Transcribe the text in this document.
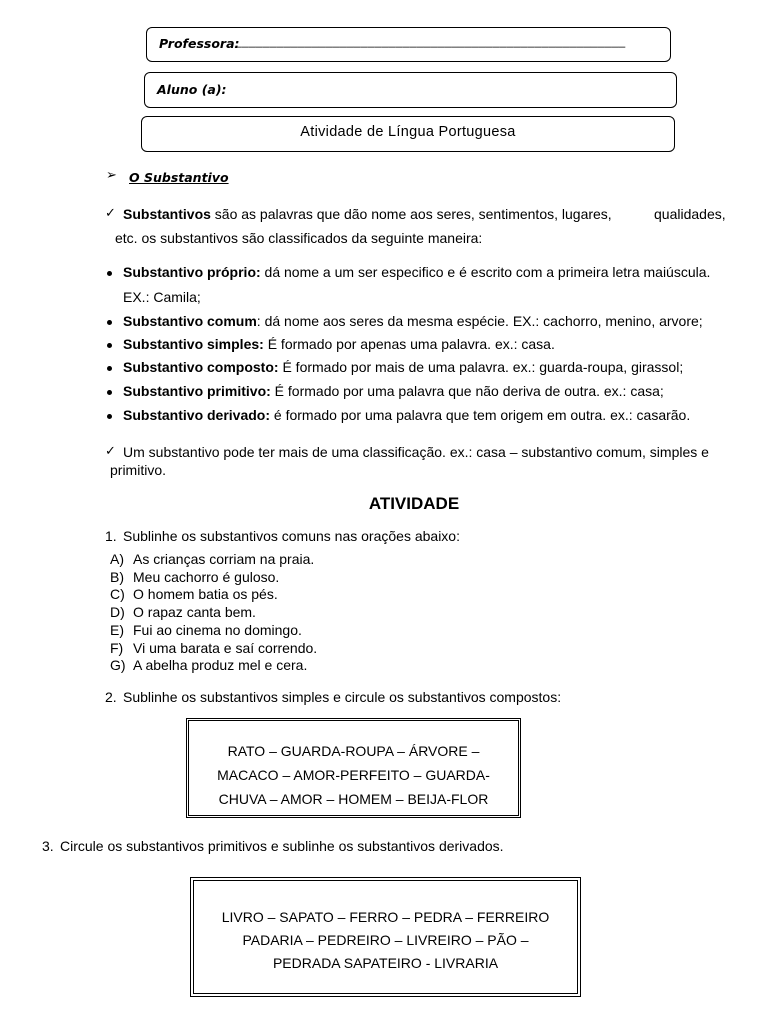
Professora:
________________________________________________________
Aluno (a):
Atividade de Língua Portuguesa
➢ O Substantivo
✓ Substantivos são as palavras que dão nome aos seres, sentimentos, lugares,	qualidades,
etc. os substantivos são classificados da seguinte maneira:
Substantivo próprio: dá nome a um ser especifico e é escrito com a primeira letra maiúscula.
EX.: Camila;
Substantivo comum: dá nome aos seres da mesma espécie. EX.: cachorro, menino, arvore;
Substantivo simples: É formado por apenas uma palavra. ex.: casa.
Substantivo composto: É formado por mais de uma palavra. ex.: guarda-roupa, girassol;
Substantivo primitivo: É formado por uma palavra que não deriva de outra. ex.: casa;
Substantivo derivado: é formado por uma palavra que tem origem em outra. ex.: casarão.
✓ Um substantivo pode ter mais de uma classificação. ex.: casa – substantivo comum, simples e
primitivo.
ATIVIDADE
1. Sublinhe os substantivos comuns nas orações abaixo:
A) As crianças corriam na praia.
B) Meu cachorro é guloso.
C) O homem batia os pés.
D) O rapaz canta bem.
E) Fui ao cinema no domingo.
F) Vi uma barata e saí correndo.
G) A abelha produz mel e cera.
2. Sublinhe os substantivos simples e circule os substantivos compostos:
RATO – GUARDA-ROUPA – ÁRVORE –
MACACO – AMOR-PERFEITO – GUARDA-
CHUVA – AMOR – HOMEM – BEIJA-FLOR
3. Circule os substantivos primitivos e sublinhe os substantivos derivados.
LIVRO – SAPATO – FERRO – PEDRA – FERREIRO
PADARIA – PEDREIRO – LIVREIRO – PÃO –
PEDRADA SAPATEIRO - LIVRARIA
